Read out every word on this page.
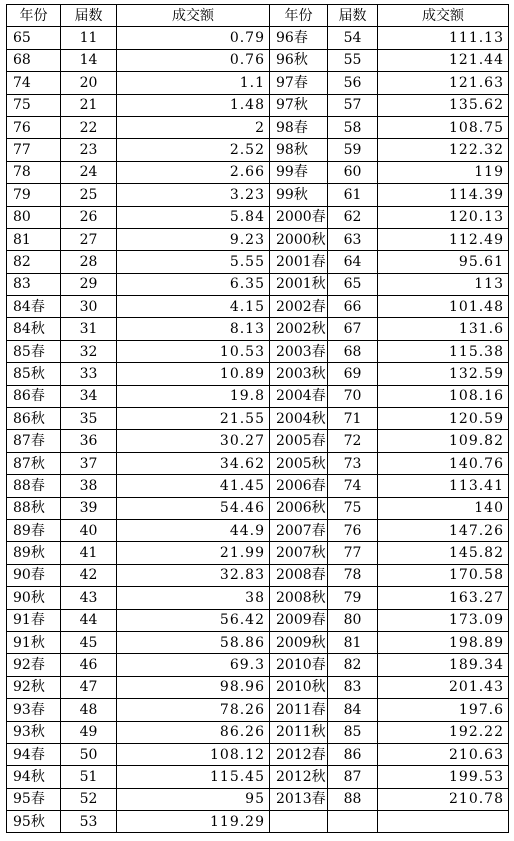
年份	届数	成交额
65	11	0.79
68	14	0.76
74	20	1.1
75	21	1.48
76	22	2
77	23	2.52
78	24	2.66
79	25	3.23
80	26	5.84
81	27	9.23
82	28	5.55
83	29	6.35
84春	30	4.15
84秋	31	8.13
85春	32	10.53
85秋	33	10.89
86春	34	19.8
86秋	35	21.55
87春	36	30.27
87秋	37	34.62
88春	38	41.45
88秋	39	54.46
89春	40	44.9
89秋	41	21.99
90春	42	32.83
90秋	43	38
91春	44	56.42
91秋	45	58.86
92春	46	69.3
92秋	47	98.96
93春	48	78.26
93秋	49	86.26
94春	50	108.12
94秋	51	115.45
95春	52	95
95秋	53	119.29
年份	届数	成交额
96春	54	111.13
96秋	55	121.44
97春	56	121.63
97秋	57	135.62
98春	58	108.75
98秋	59	122.32
99春	60	119
99秋	61	114.39
2000春	62	120.13
2000秋	63	112.49
2001春	64	95.61
2001秋	65	113
2002春	66	101.48
2002秋	67	131.6
2003春	68	115.38
2003秋	69	132.59
2004春	70	108.16
2004秋	71	120.59
2005春	72	109.82
2005秋	73	140.76
2006春	74	113.41
2006秋	75	140
2007春	76	147.26
2007秋	77	145.82
2008春	78	170.58
2008秋	79	163.27
2009春	80	173.09
2009秋	81	198.89
2010春	82	189.34
2010秋	83	201.43
2011春	84	197.6
2011秋	85	192.22
2012春	86	210.63
2012秋	87	199.53
2013春	88	210.78
